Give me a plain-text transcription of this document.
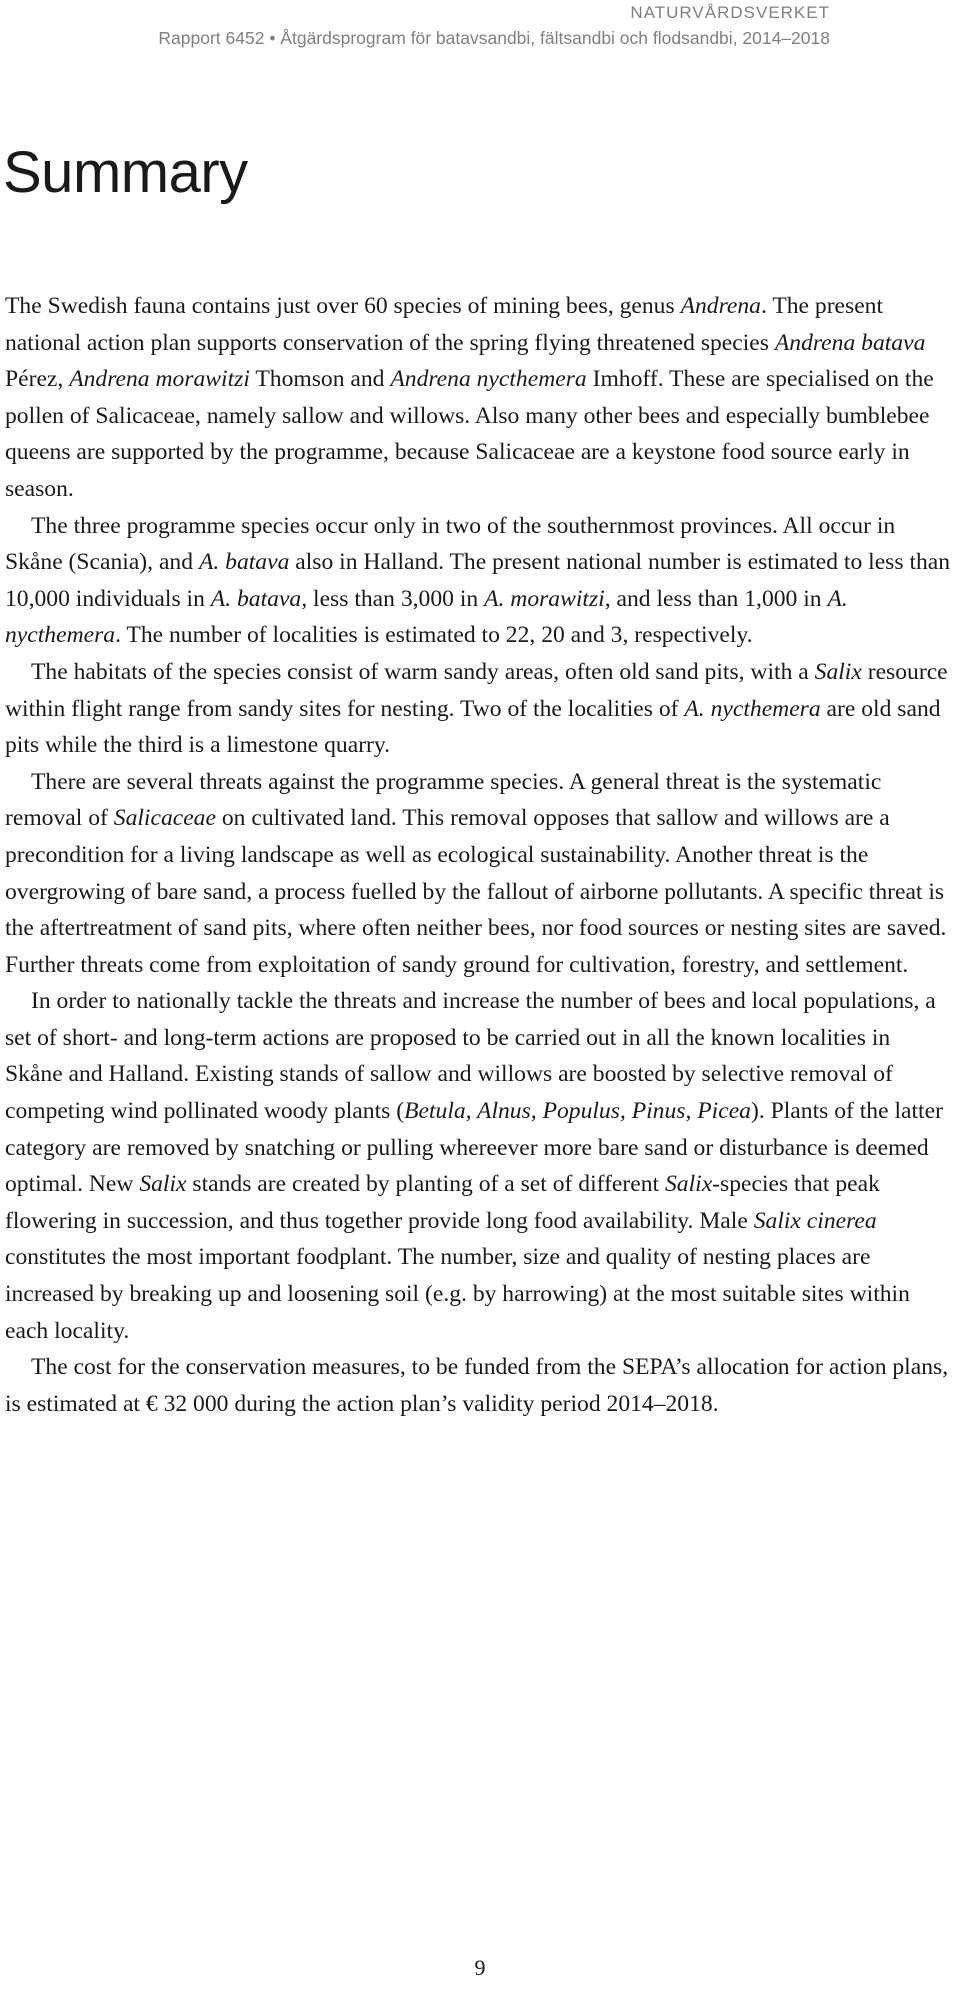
NATURVÅRDSVERKET
Rapport 6452 • Åtgärdsprogram för batavsandbi, fältsandbi och flodsandbi, 2014–2018
Summary

The Swedish fauna contains just over 60 species of mining bees, genus Andrena. The present national action plan supports conservation of the spring flying threatened species Andrena batava Pérez, Andrena morawitzi Thomson and Andrena nycthemera Imhoff. These are specialised on the pollen of Salicaceae, namely sallow and willows. Also many other bees and especially bumblebee queens are supported by the programme, because Salicaceae are a keystone food source early in season.

The three programme species occur only in two of the southernmost provinces. All occur in Skåne (Scania), and A. batava also in Halland. The present national number is estimated to less than 10,000 individuals in A. batava, less than 3,000 in A. morawitzi, and less than 1,000 in A. nycthemera. The number of localities is estimated to 22, 20 and 3, respectively.

The habitats of the species consist of warm sandy areas, often old sand pits, with a Salix resource within flight range from sandy sites for nesting. Two of the localities of A. nycthemera are old sand pits while the third is a limestone quarry.

There are several threats against the programme species. A general threat is the systematic removal of Salicaceae on cultivated land. This removal opposes that sallow and willows are a precondition for a living landscape as well as ecological sustainability. Another threat is the overgrowing of bare sand, a process fuelled by the fallout of airborne pollutants. A specific threat is the aftertreatment of sand pits, where often neither bees, nor food sources or nesting sites are saved. Further threats come from exploitation of sandy ground for cultivation, forestry, and settlement.

In order to nationally tackle the threats and increase the number of bees and local populations, a set of short- and long-term actions are proposed to be carried out in all the known localities in Skåne and Halland. Existing stands of sallow and willows are boosted by selective removal of competing wind pollinated woody plants (Betula, Alnus, Populus, Pinus, Picea). Plants of the latter category are removed by snatching or pulling whereever more bare sand or disturbance is deemed optimal. New Salix stands are created by planting of a set of different Salix-species that peak flowering in succession, and thus together provide long food availability. Male Salix cinerea constitutes the most important foodplant. The number, size and quality of nesting places are increased by breaking up and loosening soil (e.g. by harrowing) at the most suitable sites within each locality.

The cost for the conservation measures, to be funded from the SEPA’s allocation for action plans, is estimated at € 32 000 during the action plan’s validity period 2014–2018.

9
